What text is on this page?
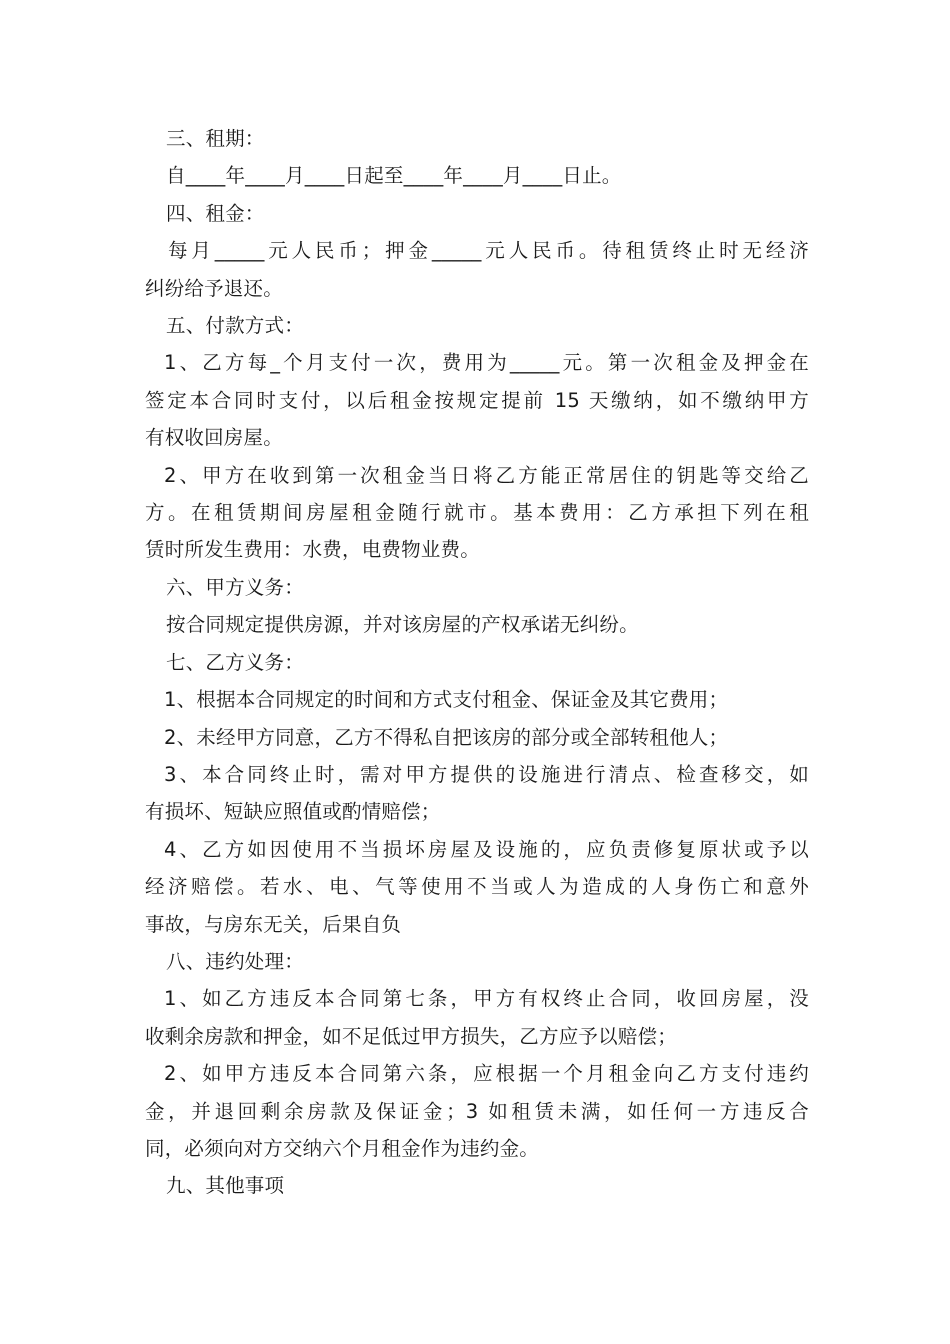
三、租期：
自____年____月____日起至____年____月____日止。
四、租金：
每月_____元人民币；押金_____元人民币。待租赁终止时无经济
纠纷给予退还。
五、付款方式：
1、乙方每_个月支付一次，费用为_____元。第一次租金及押金在
签定本合同时支付，以后租金按规定提前 15 天缴纳，如不缴纳甲方
有权收回房屋。
2、甲方在收到第一次租金当日将乙方能正常居住的钥匙等交给乙
方。在租赁期间房屋租金随行就市。基本费用：乙方承担下列在租
赁时所发生费用：水费，电费物业费。
六、甲方义务：
按合同规定提供房源，并对该房屋的产权承诺无纠纷。
七、乙方义务：
1、根据本合同规定的时间和方式支付租金、保证金及其它费用；
2、未经甲方同意，乙方不得私自把该房的部分或全部转租他人；
3、本合同终止时，需对甲方提供的设施进行清点、检查移交，如
有损坏、短缺应照值或酌情赔偿；
4、乙方如因使用不当损坏房屋及设施的，应负责修复原状或予以
经济赔偿。若水、电、气等使用不当或人为造成的人身伤亡和意外
事故，与房东无关，后果自负
八、违约处理：
1、如乙方违反本合同第七条，甲方有权终止合同，收回房屋，没
收剩余房款和押金，如不足低过甲方损失，乙方应予以赔偿；
2、如甲方违反本合同第六条，应根据一个月租金向乙方支付违约
金，并退回剩余房款及保证金；3 如租赁未满，如任何一方违反合
同，必须向对方交纳六个月租金作为违约金。
九、其他事项
